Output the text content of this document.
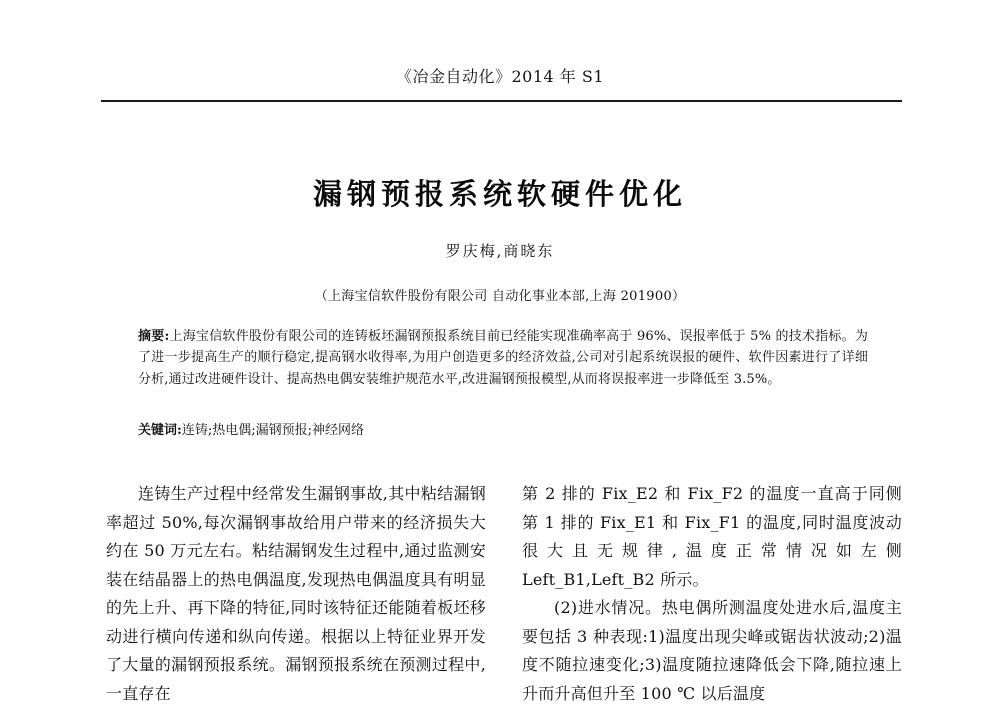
《冶金自动化》2014 年 S1
漏钢预报系统软硬件优化
罗庆梅,商晓东
（上海宝信软件股份有限公司 自动化事业本部,上海 201900）
摘要:上海宝信软件股份有限公司的连铸板坯漏钢预报系统目前已经能实现准确率高于 96%、误报率低于 5% 的技术指标。为了进一步提高生产的顺行稳定,提高钢水收得率,为用户创造更多的经济效益,公司对引起系统误报的硬件、软件因素进行了详细分析,通过改进硬件设计、提高热电偶安装维护规范水平,改进漏钢预报模型,从而将误报率进一步降低至 3.5%。
关键词:连铸;热电偶;漏钢预报;神经网络

连铸生产过程中经常发生漏钢事故,其中粘结漏钢率超过 50%,每次漏钢事故给用户带来的经济损失大约在 50 万元左右。粘结漏钢发生过程中,通过监测安装在结晶器上的热电偶温度,发现热电偶温度具有明显的先上升、再下降的特征,同时该特征还能随着板坯移动进行横向传递和纵向传递。根据以上特征业界开发了大量的漏钢预报系统。漏钢预报系统在预测过程中,一直存在

第 2 排的 Fix_E2 和 Fix_F2 的温度一直高于同侧第 1 排的 Fix_E1 和 Fix_F1 的温度,同时温度波动很大且无规律,温度正常情况如左侧 Left_B1,Left_B2 所示。

(2)进水情况。热电偶所测温度处进水后,温度主要包括 3 种表现:1)温度出现尖峰或锯齿状波动;2)温度不随拉速变化;3)温度随拉速降低会下降,随拉速上升而升高但升至 100 ℃ 以后温度
